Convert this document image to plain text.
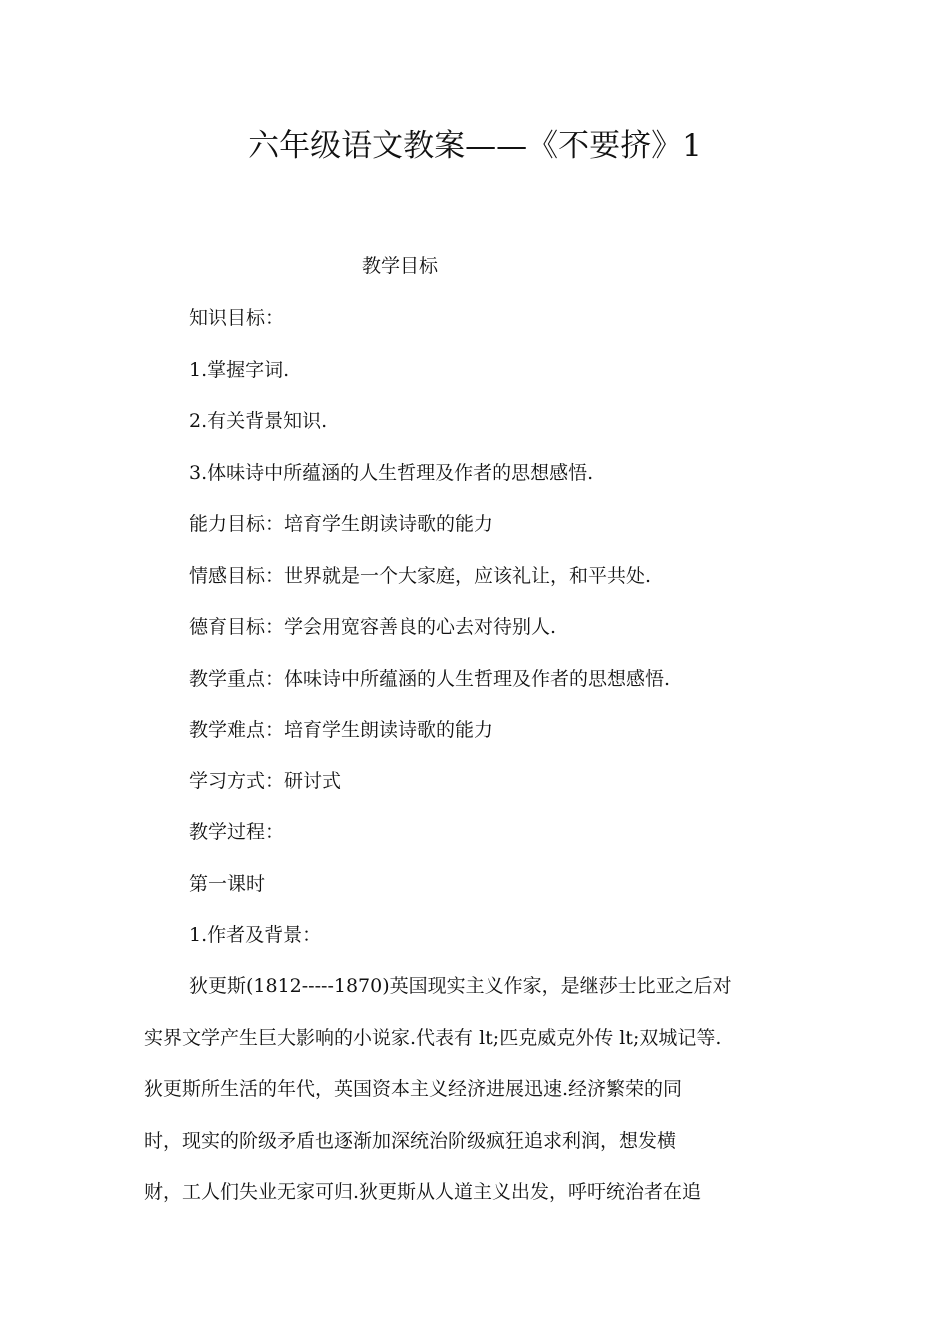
六年级语文教案——《不要挤》1
教学目标
知识目标：
1.掌握字词.
2.有关背景知识.
3.体味诗中所蕴涵的人生哲理及作者的思想感悟.
能力目标：培育学生朗读诗歌的能力
情感目标：世界就是一个大家庭，应该礼让，和平共处.
德育目标：学会用宽容善良的心去对待别人.
教学重点：体味诗中所蕴涵的人生哲理及作者的思想感悟.
教学难点：培育学生朗读诗歌的能力
学习方式：研讨式
教学过程：
第一课时
1.作者及背景：
狄更斯(1812-----1870)英国现实主义作家，是继莎士比亚之后对
实界文学产生巨大影响的小说家.代表有 lt;匹克威克外传 lt;双城记等.
狄更斯所生活的年代，英国资本主义经济进展迅速.经济繁荣的同
时，现实的阶级矛盾也逐渐加深统治阶级疯狂追求利润，想发横
财，工人们失业无家可归.狄更斯从人道主义出发，呼吁统治者在追
